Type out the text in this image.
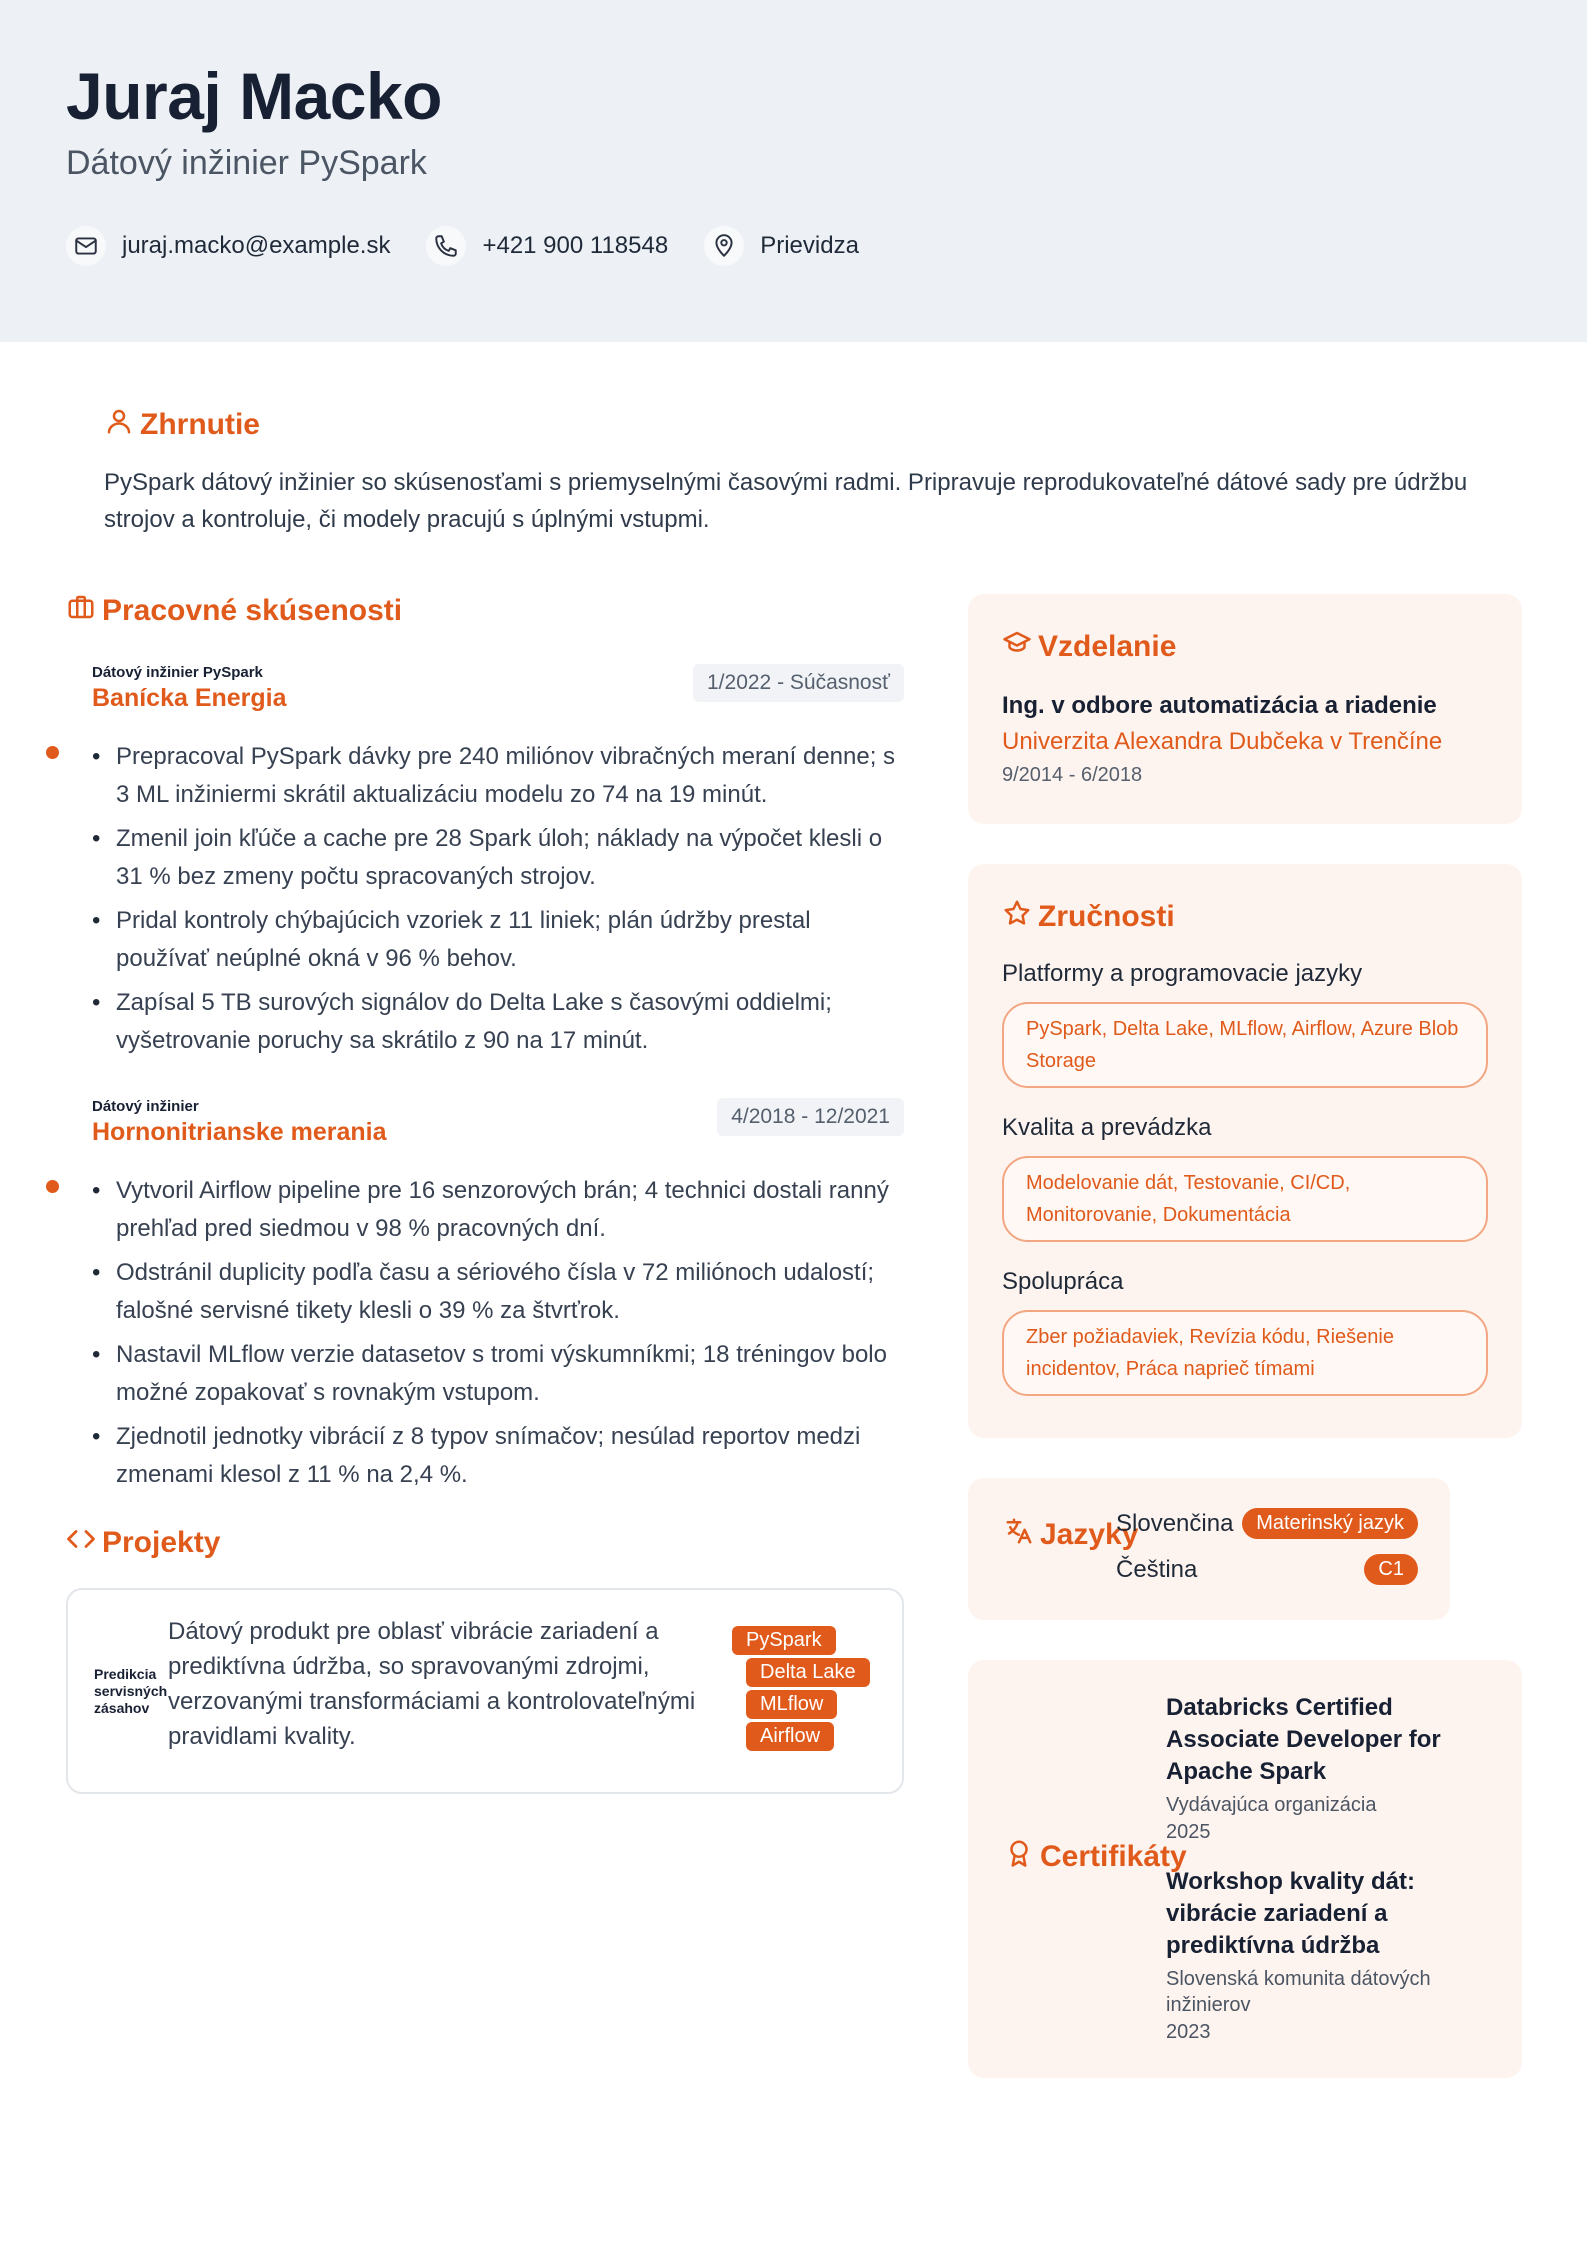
Juraj Macko
Dátový inžinier PySpark
juraj.macko@example.sk	+421 900 118548	Prievidza
Zhrnutie

PySpark dátový inžinier so skúsenosťami s priemyselnými časovými radmi. Pripravuje reprodukovateľné dátové sady pre údržbu strojov a kontroluje, či modely pracujú s úplnými vstupmi.

Pracovné skúsenosti
Dátový inžinier PySpark
Banícka Energia
1/2022 - Súčasnosť
• Prepracoval PySpark dávky pre 240 miliónov vibračných meraní denne; s 3 ML inžiniermi skrátil aktualizáciu modelu zo 74 na 19 minút.
• Zmenil join kľúče a cache pre 28 Spark úloh; náklady na výpočet klesli o 31 % bez zmeny počtu spracovaných strojov.
• Pridal kontroly chýbajúcich vzoriek z 11 liniek; plán údržby prestal používať neúplné okná v 96 % behov.
• Zapísal 5 TB surových signálov do Delta Lake s časovými oddielmi; vyšetrovanie poruchy sa skrátilo z 90 na 17 minút.
Dátový inžinier
Hornonitrianske merania
4/2018 - 12/2021
• Vytvoril Airflow pipeline pre 16 senzorových brán; 4 technici dostali ranný prehľad pred siedmou v 98 % pracovných dní.
• Odstránil duplicity podľa času a sériového čísla v 72 miliónoch udalostí; falošné servisné tikety klesli o 39 % za štvrťrok.
• Nastavil MLflow verzie datasetov s tromi výskumníkmi; 18 tréningov bolo možné zopakovať s rovnakým vstupom.
• Zjednotil jednotky vibrácií z 8 typov snímačov; nesúlad reportov medzi zmenami klesol z 11 % na 2,4 %.
Projekty
Predikcia servisných zásahov
Dátový produkt pre oblasť vibrácie zariadení a prediktívna údržba, so spravovanými zdrojmi, verzovanými transformáciami a kontrolovateľnými pravidlami kvality.
PySpark
Delta Lake
MLflow
Airflow
Vzdelanie
Ing. v odbore automatizácia a riadenie
Univerzita Alexandra Dubčeka v Trenčíne
9/2014 - 6/2018
Zručnosti
Platformy a programovacie jazyky
PySpark, Delta Lake, MLflow, Airflow, Azure Blob Storage
Kvalita a prevádzka
Modelovanie dát, Testovanie, CI/CD, Monitorovanie, Dokumentácia
Spolupráca
Zber požiadaviek, Revízia kódu, Riešenie incidentov, Práca naprieč tímami
Jazyky
Slovenčina	Materinský jazyk
Čeština	C1
Certifikáty
Databricks Certified Associate Developer for Apache Spark
Vydávajúca organizácia
2025
Workshop kvality dát: vibrácie zariadení a prediktívna údržba
Slovenská komunita dátových inžinierov
2023
